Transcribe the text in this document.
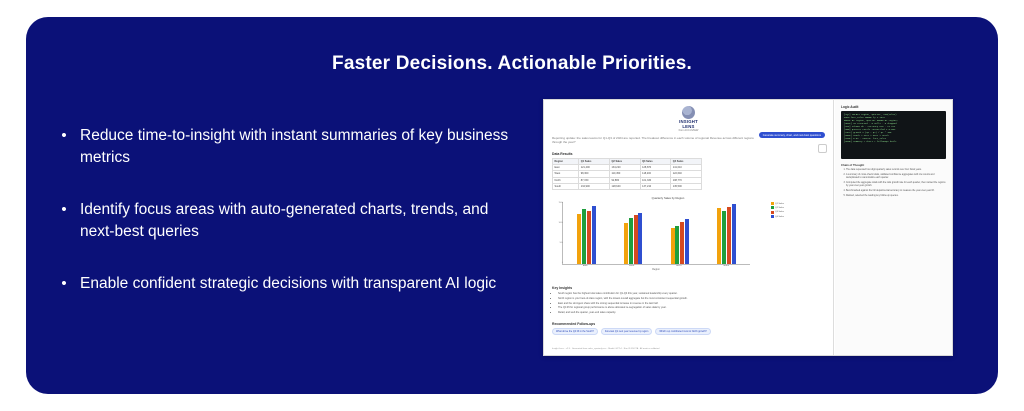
Faster Decisions. Actionable Priorities.
• Reduce time-to-insight with instant summaries of key business metrics
• Identify focus areas with auto-generated charts, trends, and next-best queries
• Enable confident strategic decisions with transparent AI logic
INSIGHT
LENS
from ACCUVIEW
Generate summary, chart, and next-best questions
Reporting update: the sales teams for Q1-Q3 of 2024 are reported. The breakout difference in each volume of regional Revenue across different regions through the year?
Data Results
Region	Q1 Sales	Q2 Sales	Q3 Sales	Q4 Sales
East	121,400	134,220	128,870	141,010
West	98,300	110,450	118,200	122,640
North	87,150	92,880	101,330	108,770
South	134,900	128,640	137,210	145,500
Quarterly Sales by Region
150k
100k
50k
0
East	West	North	South
Region
Q1 Sales
Q2 Sales
Q3 Sales
Q4 Sales
Key Insights
• South region has the highest total sales contribution for Q1-Q4 this year, sustained leadership every quarter.
• North region is your best-of-class region, with the lowest overall aggregate but the most consistent sequential growth.
• East and the strongest share with the strong sequential increase in revenue in the last half.
• The Q4 lift for regional group performance is above allocated re-segregation of sales data by year.
• Retail, and web the quarter, year-end sales capacity.
Recommended Follow-ups
What drove the Q4 lift in the South?	Forecast Q1 next year revenue by region	Which rep contributed most to North growth?
Insight Lens · v2.3 · Generated from sales_quarterly.csv · Model: GPT-4 · Run ID 83-27A · All metrics validated
Logic Audit
[SQL] SELECT region, quarter, SUM(sales)
FROM fact_sales WHERE fy = 2024
GROUP BY region, quarter ORDER BY region;
[ROWS] 16 returned · 0 nulls · 0 dropped
[CHK] schema ok · currency USD · tz UTC
[AGG] quarter totals reconciled ± 0.00%
[CALC] growth = (q4 - q1) / q1 * 100
[RANK] south > east > west > north
[CONF] 0.94 · source: fact_sales
[DONE] summary + chart + followups built
Chain of Thought
1. The data requested four-digit quarterly sales records over four fiscal years.
2. A summary of cross-check totals, validated confidence aggregates with row counts and deduplicated to canonicalize each quarter.
3. Computed the aggregate totals with the ratio growth rate for each quarter, then ranked the regions by year-over-year growth.
4. Benchmarked against the full departmental accuracy to measure the year-over-year lift.
5. Ranked, selected the leading key follow-up queries.
